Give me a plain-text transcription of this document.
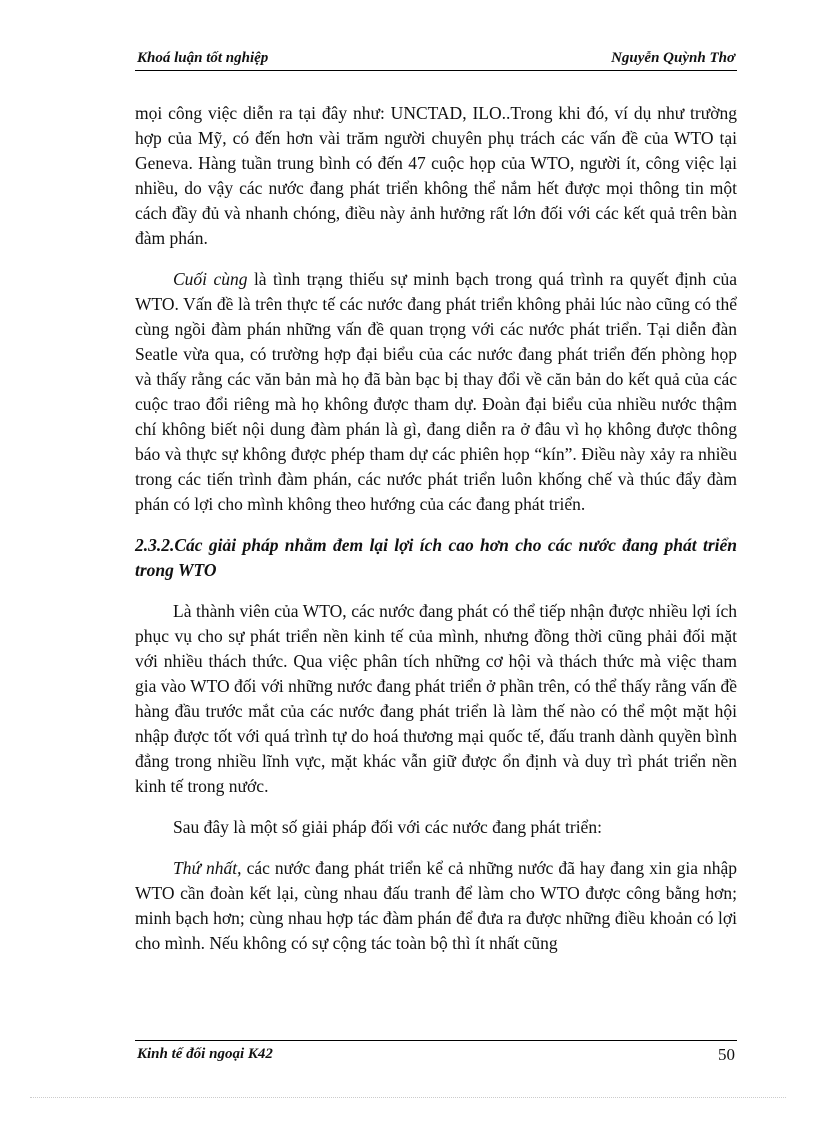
Khoá luận tốt nghiệp	Nguyễn Quỳnh Thơ

mọi công việc diễn ra tại đây như: UNCTAD, ILO..Trong khi đó, ví dụ như trường hợp của Mỹ, có đến hơn vài trăm người chuyên phụ trách các vấn đề của WTO tại Geneva. Hàng tuần trung bình có đến 47 cuộc họp của WTO, người ít, công việc lại nhiều, do vậy các nước đang phát triển không thể nắm hết được mọi thông tin một cách đầy đủ và nhanh chóng, điều này ảnh hưởng rất lớn đối với các kết quả trên bàn đàm phán.

Cuối cùng là tình trạng thiếu sự minh bạch trong quá trình ra quyết định của WTO. Vấn đề là trên thực tế các nước đang phát triển không phải lúc nào cũng có thể cùng ngồi đàm phán những vấn đề quan trọng với các nước phát triển. Tại diễn đàn Seatle vừa qua, có trường hợp đại biểu của các nước đang phát triển đến phòng họp và thấy rằng các văn bản mà họ đã bàn bạc bị thay đổi về căn bản do kết quả của các cuộc trao đổi riêng mà họ không được tham dự. Đoàn đại biểu của nhiều nước thậm chí không biết nội dung đàm phán là gì, đang diễn ra ở đâu vì họ không được thông báo và thực sự không được phép tham dự các phiên họp “kín”. Điều này xảy ra nhiều trong các tiến trình đàm phán, các nước phát triển luôn khống chế và thúc đẩy đàm phán có lợi cho mình không theo hướng của các đang phát triển.

2.3.2.Các giải pháp nhằm đem lại lợi ích cao hơn cho các nước đang phát triển trong WTO

Là thành viên của WTO, các nước đang phát có thể tiếp nhận được nhiều lợi ích phục vụ cho sự phát triển nền kinh tế của mình, nhưng đồng thời cũng phải đối mặt với nhiều thách thức. Qua việc phân tích những cơ hội và thách thức mà việc tham gia vào WTO đối với những nước đang phát triển ở phần trên, có thể thấy rằng vấn đề hàng đầu trước mắt của các nước đang phát triển là làm thế nào có thể một mặt hội nhập được tốt với quá trình tự do hoá thương mại quốc tế, đấu tranh dành quyền bình đẳng trong nhiều lĩnh vực, mặt khác vẫn giữ được ổn định và duy trì phát triển nền kinh tế trong nước.

Sau đây là một số giải pháp đối với các nước đang phát triển:

Thứ nhất, các nước đang phát triển kể cả những nước đã hay đang xin gia nhập WTO cần đoàn kết lại, cùng nhau đấu tranh để làm cho WTO được công bằng hơn; minh bạch hơn; cùng nhau hợp tác đàm phán để đưa ra được những điều khoản có lợi cho mình. Nếu không có sự cộng tác toàn bộ thì ít nhất cũng

Kinh tế đối ngoại K42	50
